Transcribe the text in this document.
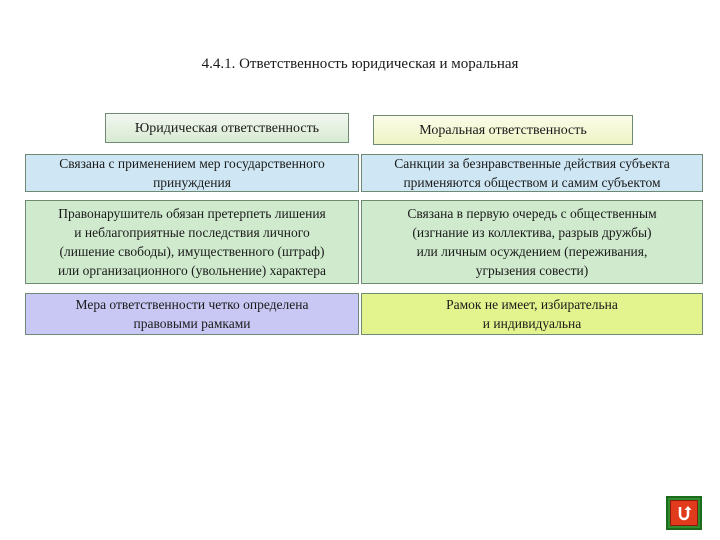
4.4.1. Ответственность юридическая и моральная
Юридическая ответственность	Моральная ответственность
Связана с применением мер государственного
принуждения
Санкции за безнравственные действия субъекта
применяются обществом и самим субъектом
Правонарушитель обязан претерпеть лишения
и неблагоприятные последствия личного
(лишение свободы), имущественного (штраф)
или организационного (увольнение) характера
Связана в первую очередь с общественным
(изгнание из коллектива, разрыв дружбы)
или личным осуждением (переживания,
угрызения совести)
Мера ответственности четко определена
правовыми рамками
Рамок не имеет, избирательна
и индивидуальна
